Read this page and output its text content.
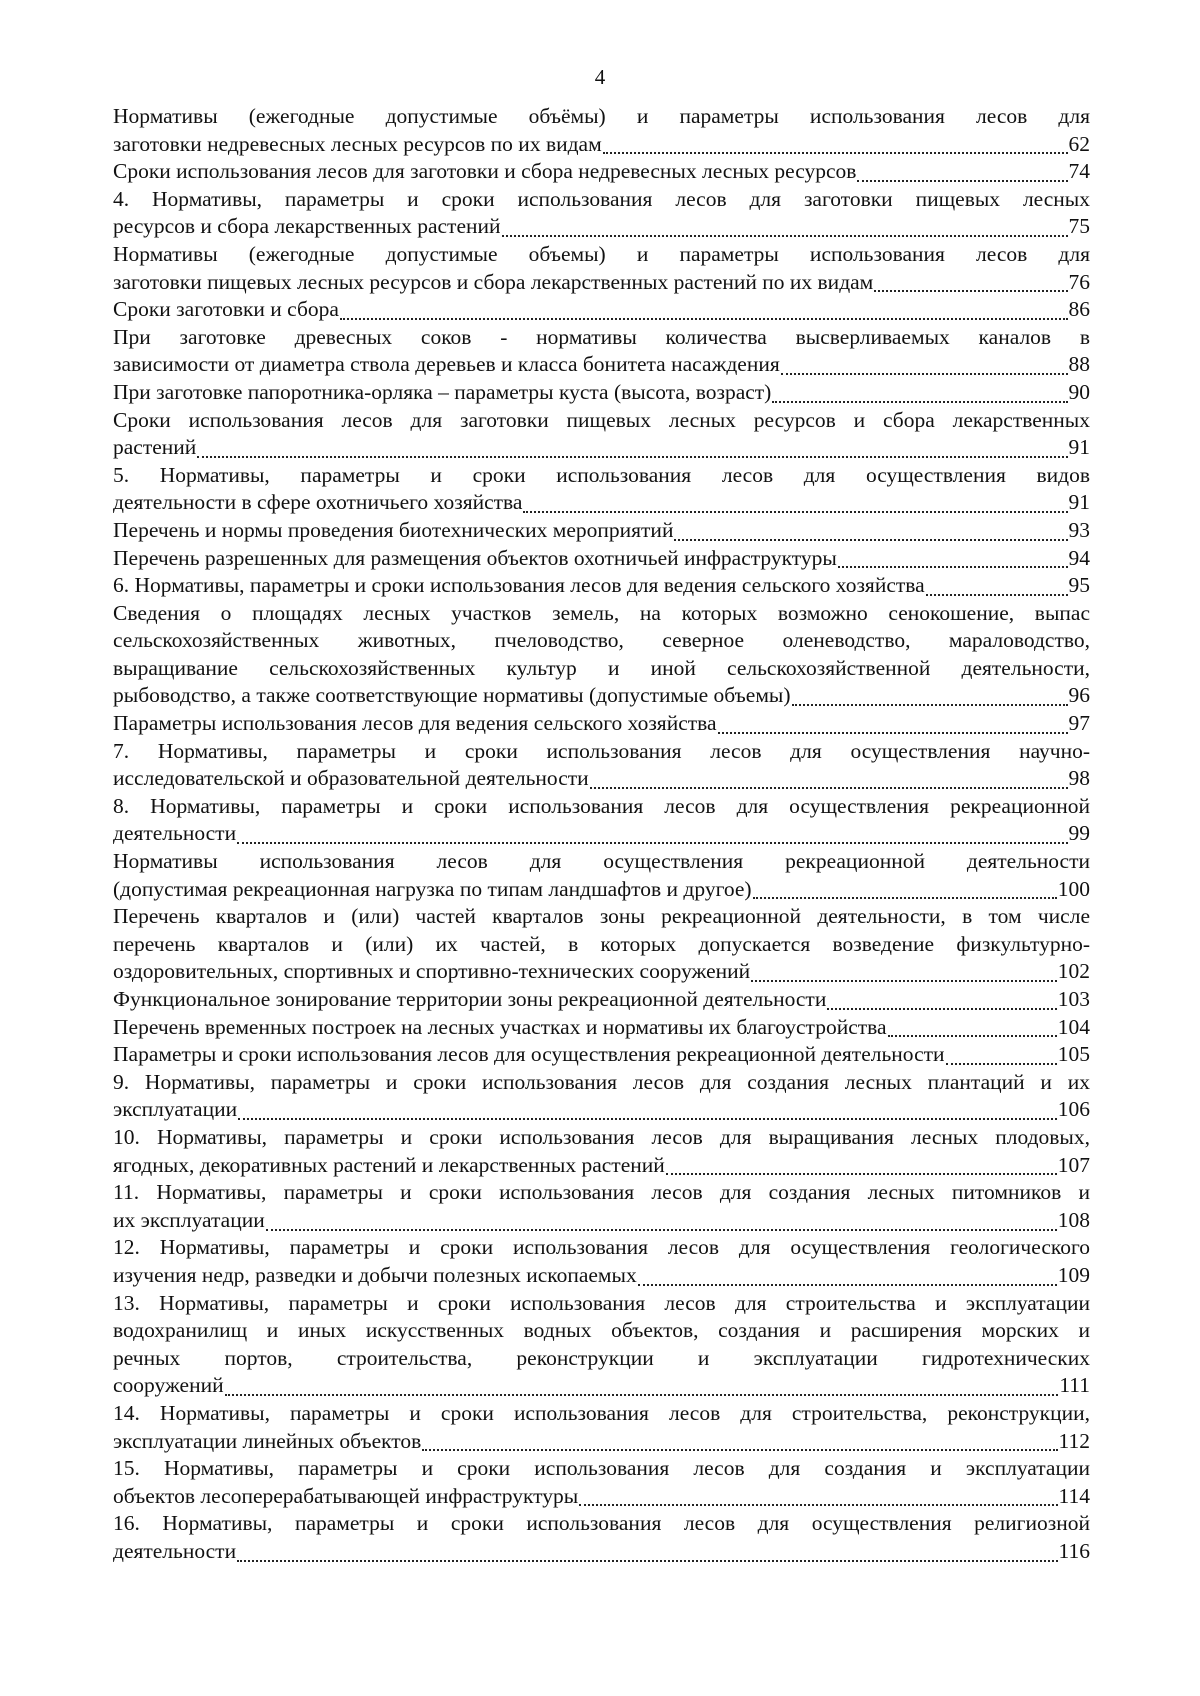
4
Нормативы (ежегодные допустимые объёмы) и параметры использования лесов для
заготовки недревесных лесных ресурсов по их видам	62
Сроки использования лесов для заготовки и сбора недревесных лесных ресурсов	74
4. Нормативы, параметры и сроки использования лесов для заготовки пищевых лесных
ресурсов и сбора лекарственных растений	75
Нормативы (ежегодные допустимые объемы) и параметры использования лесов для
заготовки пищевых лесных ресурсов и сбора лекарственных растений по их видам	76
Сроки заготовки и сбора	86
При заготовке древесных соков - нормативы количества высверливаемых каналов в
зависимости от диаметра ствола деревьев и класса бонитета насаждения	88
При заготовке папоротника-орляка – параметры куста (высота, возраст)	90
Сроки использования лесов для заготовки пищевых лесных ресурсов и сбора лекарственных
растений	91
5. Нормативы, параметры и сроки использования лесов для осуществления видов
деятельности в сфере охотничьего хозяйства	91
Перечень и нормы проведения биотехнических мероприятий	93
Перечень разрешенных для размещения объектов охотничьей инфраструктуры	94
6. Нормативы, параметры и сроки использования лесов для ведения сельского хозяйства	95
Сведения о площадях лесных участков земель, на которых возможно сенокошение, выпас
сельскохозяйственных животных, пчеловодство, северное оленеводство, мараловодство,
выращивание сельскохозяйственных культур и иной сельскохозяйственной деятельности,
рыбоводство, а также соответствующие нормативы (допустимые объемы)	96
Параметры использования лесов для ведения сельского хозяйства	97
7. Нормативы, параметры и сроки использования лесов для осуществления научно-
исследовательской и образовательной деятельности	98
8. Нормативы, параметры и сроки использования лесов для осуществления рекреационной
деятельности	99
Нормативы использования лесов для осуществления рекреационной деятельности
(допустимая рекреационная нагрузка по типам ландшафтов и другое)	100
Перечень кварталов и (или) частей кварталов зоны рекреационной деятельности, в том числе
перечень кварталов и (или) их частей, в которых допускается возведение физкультурно-
оздоровительных, спортивных и спортивно-технических сооружений	102
Функциональное зонирование территории зоны рекреационной деятельности	103
Перечень временных построек на лесных участках и нормативы их благоустройства	104
Параметры и сроки использования лесов для осуществления рекреационной деятельности	105
9. Нормативы, параметры и сроки использования лесов для создания лесных плантаций и их
эксплуатации	106
10. Нормативы, параметры и сроки использования лесов для выращивания лесных плодовых,
ягодных, декоративных растений и лекарственных растений	107
11. Нормативы, параметры и сроки использования лесов для создания лесных питомников и
их эксплуатации	108
12. Нормативы, параметры и сроки использования лесов для осуществления геологического
изучения недр, разведки и добычи полезных ископаемых	109
13. Нормативы, параметры и сроки использования лесов для строительства и эксплуатации
водохранилищ и иных искусственных водных объектов, создания и расширения морских и
речных портов, строительства, реконструкции и эксплуатации гидротехнических
сооружений	111
14. Нормативы, параметры и сроки использования лесов для строительства, реконструкции,
эксплуатации линейных объектов	112
15. Нормативы, параметры и сроки использования лесов для создания и эксплуатации
объектов лесоперерабатывающей инфраструктуры	114
16. Нормативы, параметры и сроки использования лесов для осуществления религиозной
деятельности	116
